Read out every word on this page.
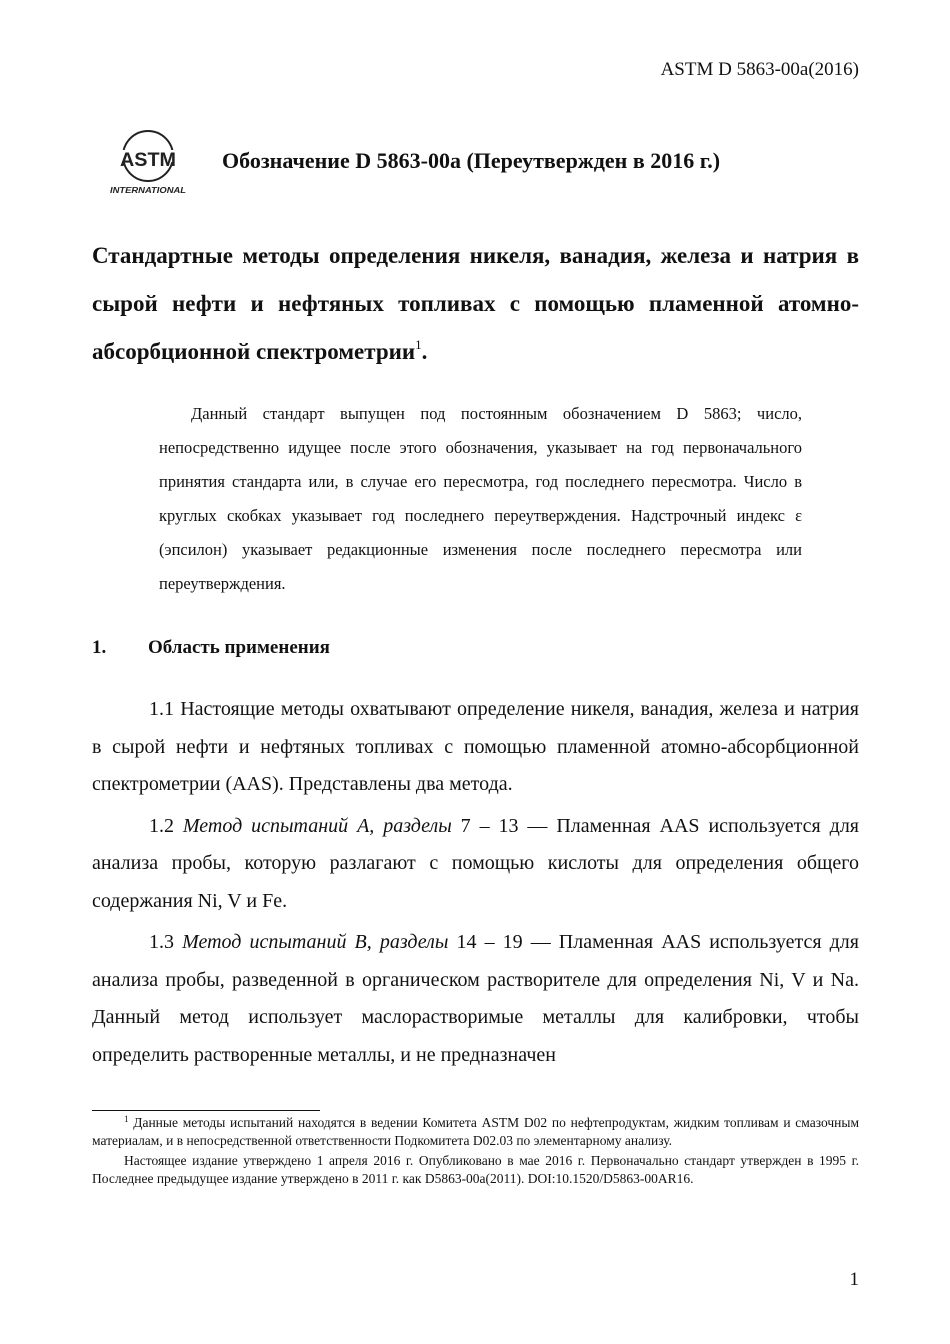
ASTM D 5863-00a(2016)
ASTM
INTERNATIONAL
Обозначение D 5863-00a (Переутвержден в 2016 г.)
Стандартные методы определения никеля, ванадия, железа и натрия в сырой нефти и нефтяных топливах с помощью пламенной атомно-абсорбционной спектрометрии$^1$.
Данный стандарт выпущен под постоянным обозначением D 5863; число, непосредственно идущее после этого обозначения, указывает на год первоначального принятия стандарта или, в случае его пересмотра, год последнего пересмотра. Число в круглых скобках указывает год последнего переутверждения. Надстрочный индекс ε (эпсилон) указывает редакционные изменения после последнего пересмотра или переутверждения.
1. Область применения

1.1 Настоящие методы охватывают определение никеля, ванадия, железа и натрия в сырой нефти и нефтяных топливах с помощью пламенной атомно-абсорбционной спектрометрии (AAS). Представлены два метода.

1.2 Метод испытаний А, разделы 7 – 13 — Пламенная AAS используется для анализа пробы, которую разлагают с помощью кислоты для определения общего содержания Ni, V и Fe.

1.3 Метод испытаний В, разделы 14 – 19 — Пламенная AAS используется для анализа пробы, разведенной в органическом растворителе для определения Ni, V и Na. Данный метод использует маслорастворимые металлы для калибровки, чтобы определить растворенные металлы, и не предназначен

$^1$ Данные методы испытаний находятся в ведении Комитета ASTM D02 по нефтепродуктам, жидким топливам и смазочным материалам, и в непосредственной ответственности Подкомитета D02.03 по элементарному анализу.

Настоящее издание утверждено 1 апреля 2016 г. Опубликовано в мае 2016 г. Первоначально стандарт утвержден в 1995 г. Последнее предыдущее издание утверждено в 2011 г. как D5863-00a(2011). DOI:10.1520/D5863-00AR16.

1
